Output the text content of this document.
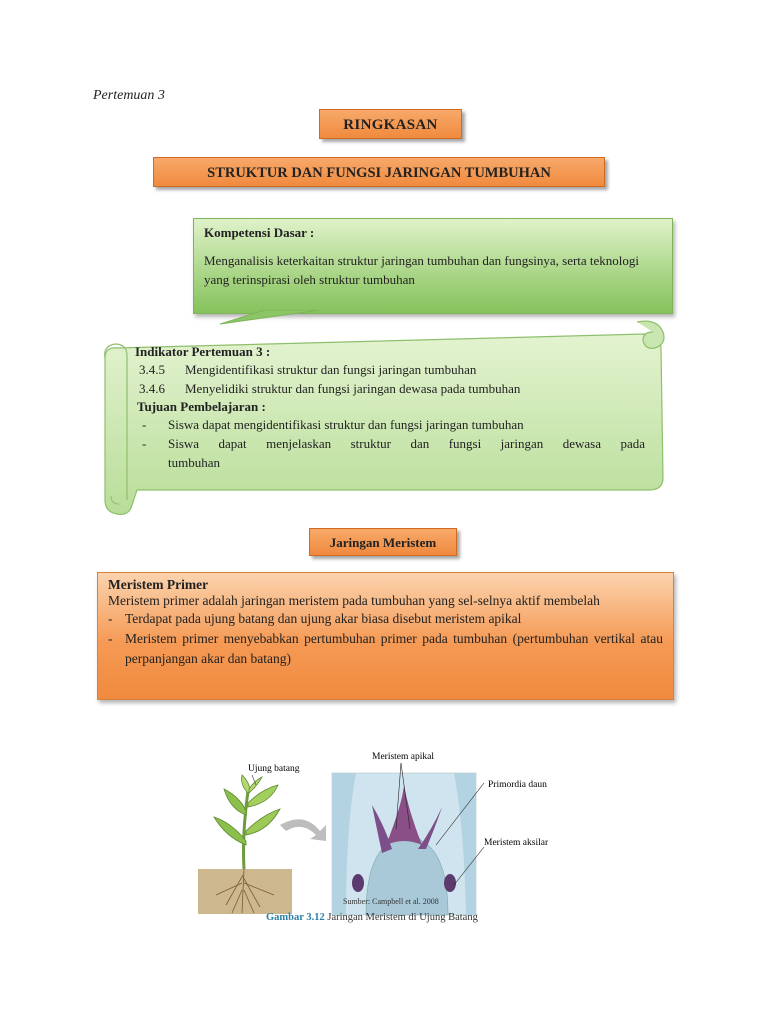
Pertemuan 3
RINGKASAN
STRUKTUR DAN FUNGSI JARINGAN TUMBUHAN
Kompetensi Dasar :
Menganalisis keterkaitan struktur jaringan tumbuhan dan fungsinya, serta teknologi yang terinspirasi oleh struktur tumbuhan
Indikator Pertemuan 3 :
3.4.5	Mengidentifikasi struktur dan fungsi jaringan tumbuhan
3.4.6	Menyelidiki struktur dan fungsi jaringan dewasa pada tumbuhan
Tujuan Pembelajaran :
-	Siswa dapat mengidentifikasi struktur dan fungsi jaringan tumbuhan
-	Siswa dapat menjelaskan struktur dan fungsi jaringan dewasa pada tumbuhan
Jaringan Meristem
Meristem Primer
Meristem primer adalah jaringan meristem pada tumbuhan yang sel-selnya aktif membelah
- Terdapat pada ujung batang dan ujung akar biasa disebut meristem apikal
- Meristem primer menyebabkan pertumbuhan primer pada tumbuhan (pertumbuhan vertikal atau perpanjangan akar dan batang)
Ujung batang
Meristem apikal
Primordia daun
Meristem aksilar
Sumber: Campbell et al. 2008
Gambar 3.12 Jaringan Meristem di Ujung Batang
